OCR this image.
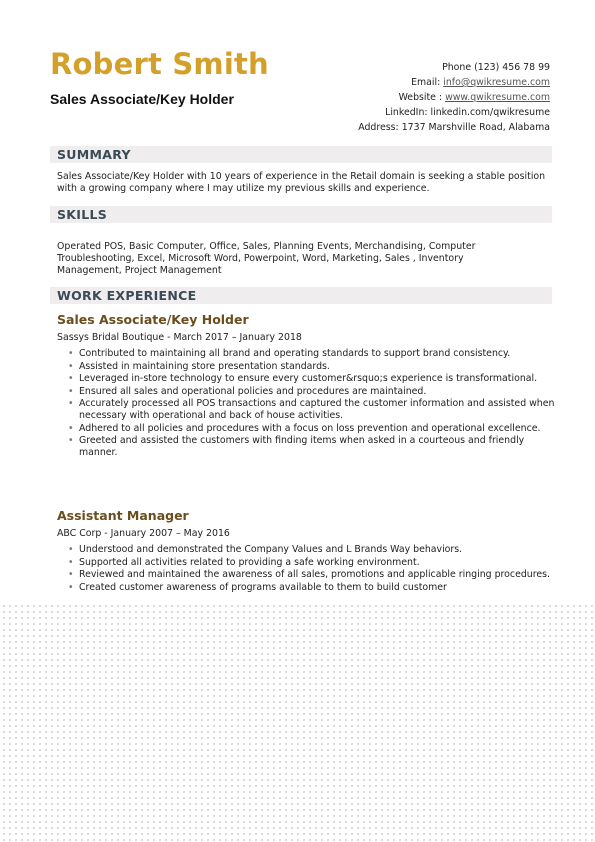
Robert Smith
Sales Associate/Key Holder
Phone (123) 456 78 99
Email: info@qwikresume.com
Website : www.qwikresume.com
LinkedIn: linkedin.com/qwikresume
Address: 1737 Marshville Road, Alabama
SUMMARY
Sales Associate/Key Holder with 10 years of experience in the Retail domain is seeking a stable position with a growing company where I may utilize my previous skills and experience.
SKILLS
Operated POS, Basic Computer, Office, Sales, Planning Events, Merchandising, Computer Troubleshooting, Excel, Microsoft Word, Powerpoint, Word, Marketing, Sales , Inventory Management, Project Management
WORK EXPERIENCE
Sales Associate/Key Holder
Sassys Bridal Boutique - March 2017 – January 2018
• Contributed to maintaining all brand and operating standards to support brand consistency.
• Assisted in maintaining store presentation standards.
• Leveraged in-store technology to ensure every customer&rsquo;s experience is transformational.
• Ensured all sales and operational policies and procedures are maintained.
• Accurately processed all POS transactions and captured the customer information and assisted when necessary with operational and back of house activities.
• Adhered to all policies and procedures with a focus on loss prevention and operational excellence.
• Greeted and assisted the customers with finding items when asked in a courteous and friendly manner.
Assistant Manager
ABC Corp - January 2007 – May 2016
• Understood and demonstrated the Company Values and L Brands Way behaviors.
• Supported all activities related to providing a safe working environment.
• Reviewed and maintained the awareness of all sales, promotions and applicable ringing procedures.
• Created customer awareness of programs available to them to build customer
